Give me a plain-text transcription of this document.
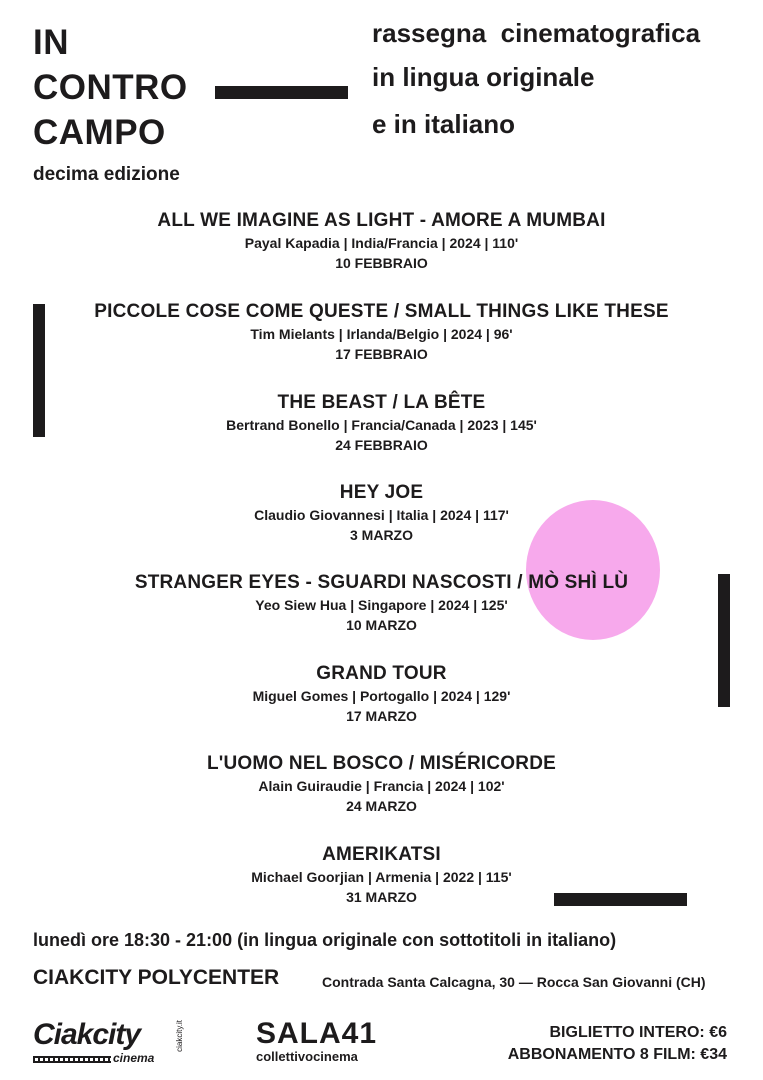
IN
CONTRO
CAMPO
decima edizione
rassegna  cinematografica
in lingua originale
e in italiano
ALL WE IMAGINE AS LIGHT - AMORE A MUMBAI
Payal Kapadia | India/Francia | 2024 | 110'
10 FEBBRAIO
PICCOLE COSE COME QUESTE / SMALL THINGS LIKE THESE
Tim Mielants | Irlanda/Belgio | 2024 | 96'
17 FEBBRAIO
THE BEAST / LA BÊTE
Bertrand Bonello | Francia/Canada | 2023 | 145'
24 FEBBRAIO
HEY JOE
Claudio Giovannesi | Italia | 2024 | 117'
3 MARZO
STRANGER EYES - SGUARDI NASCOSTI / MÒ SHÌ LÙ
Yeo Siew Hua | Singapore | 2024 | 125'
10 MARZO
GRAND TOUR
Miguel Gomes | Portogallo | 2024 | 129'
17 MARZO
L'UOMO NEL BOSCO / MISÉRICORDE
Alain Guiraudie | Francia | 2024 | 102'
24 MARZO
AMERIKATSI
Michael Goorjian | Armenia | 2022 | 115'
31 MARZO
lunedì ore 18:30 - 21:00 (in lingua originale con sottotitoli in italiano)
CIAKCITY POLYCENTER	Contrada Santa Calcagna, 30 — Rocca San Giovanni (CH)
Ciakcity
cinema
ciakcity.it SALA41
collettivocinema
BIGLIETTO INTERO: €6
ABBONAMENTO 8 FILM: €34
